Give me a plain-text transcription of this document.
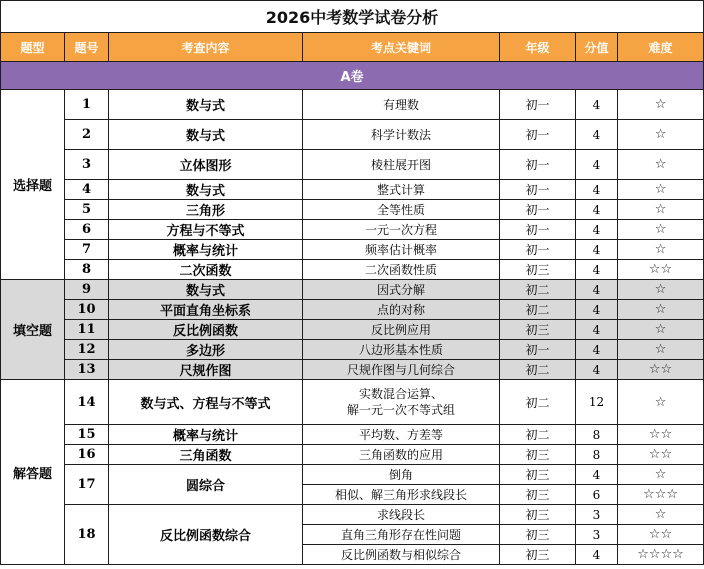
2026中考数学试卷分析						
题型	题号	考查内容	考点关键词	年级	分值	难度
A卷						
选择题	1	数与式	有理数	初一	4	☆
	2	数与式	科学计数法	初一	4	☆
	3	立体图形	棱柱展开图	初一	4	☆
	4	数与式	整式计算	初一	4	☆
	5	三角形	全等性质	初一	4	☆
	6	方程与不等式	一元一次方程	初一	4	☆
	7	概率与统计	频率估计概率	初一	4	☆
	8	二次函数	二次函数性质	初三	4	☆☆
填空题	9	数与式	因式分解	初二	4	☆
	10	平面直角坐标系	点的对称	初二	4	☆
	11	反比例函数	反比例应用	初三	4	☆
	12	多边形	八边形基本性质	初一	4	☆
	13	尺规作图	尺规作图与几何综合	初二	4	☆☆
解答题	14	数与式、方程与不等式	实数混合运算、
解一元一次不等式组	初二	12	☆
	15	概率与统计	平均数、方差等	初二	8	☆☆
	16	三角函数	三角函数的应用	初三	8	☆☆
	17	圆综合	倒角	初三	4	☆

			相似、解三角形求线段长	初三	6	☆☆☆
	18	反比例函数综合	求线段长	初三	3	☆

			直角三角形存在性问题	初三	3	☆☆

			反比例函数与相似综合	初三	4	☆☆☆☆
